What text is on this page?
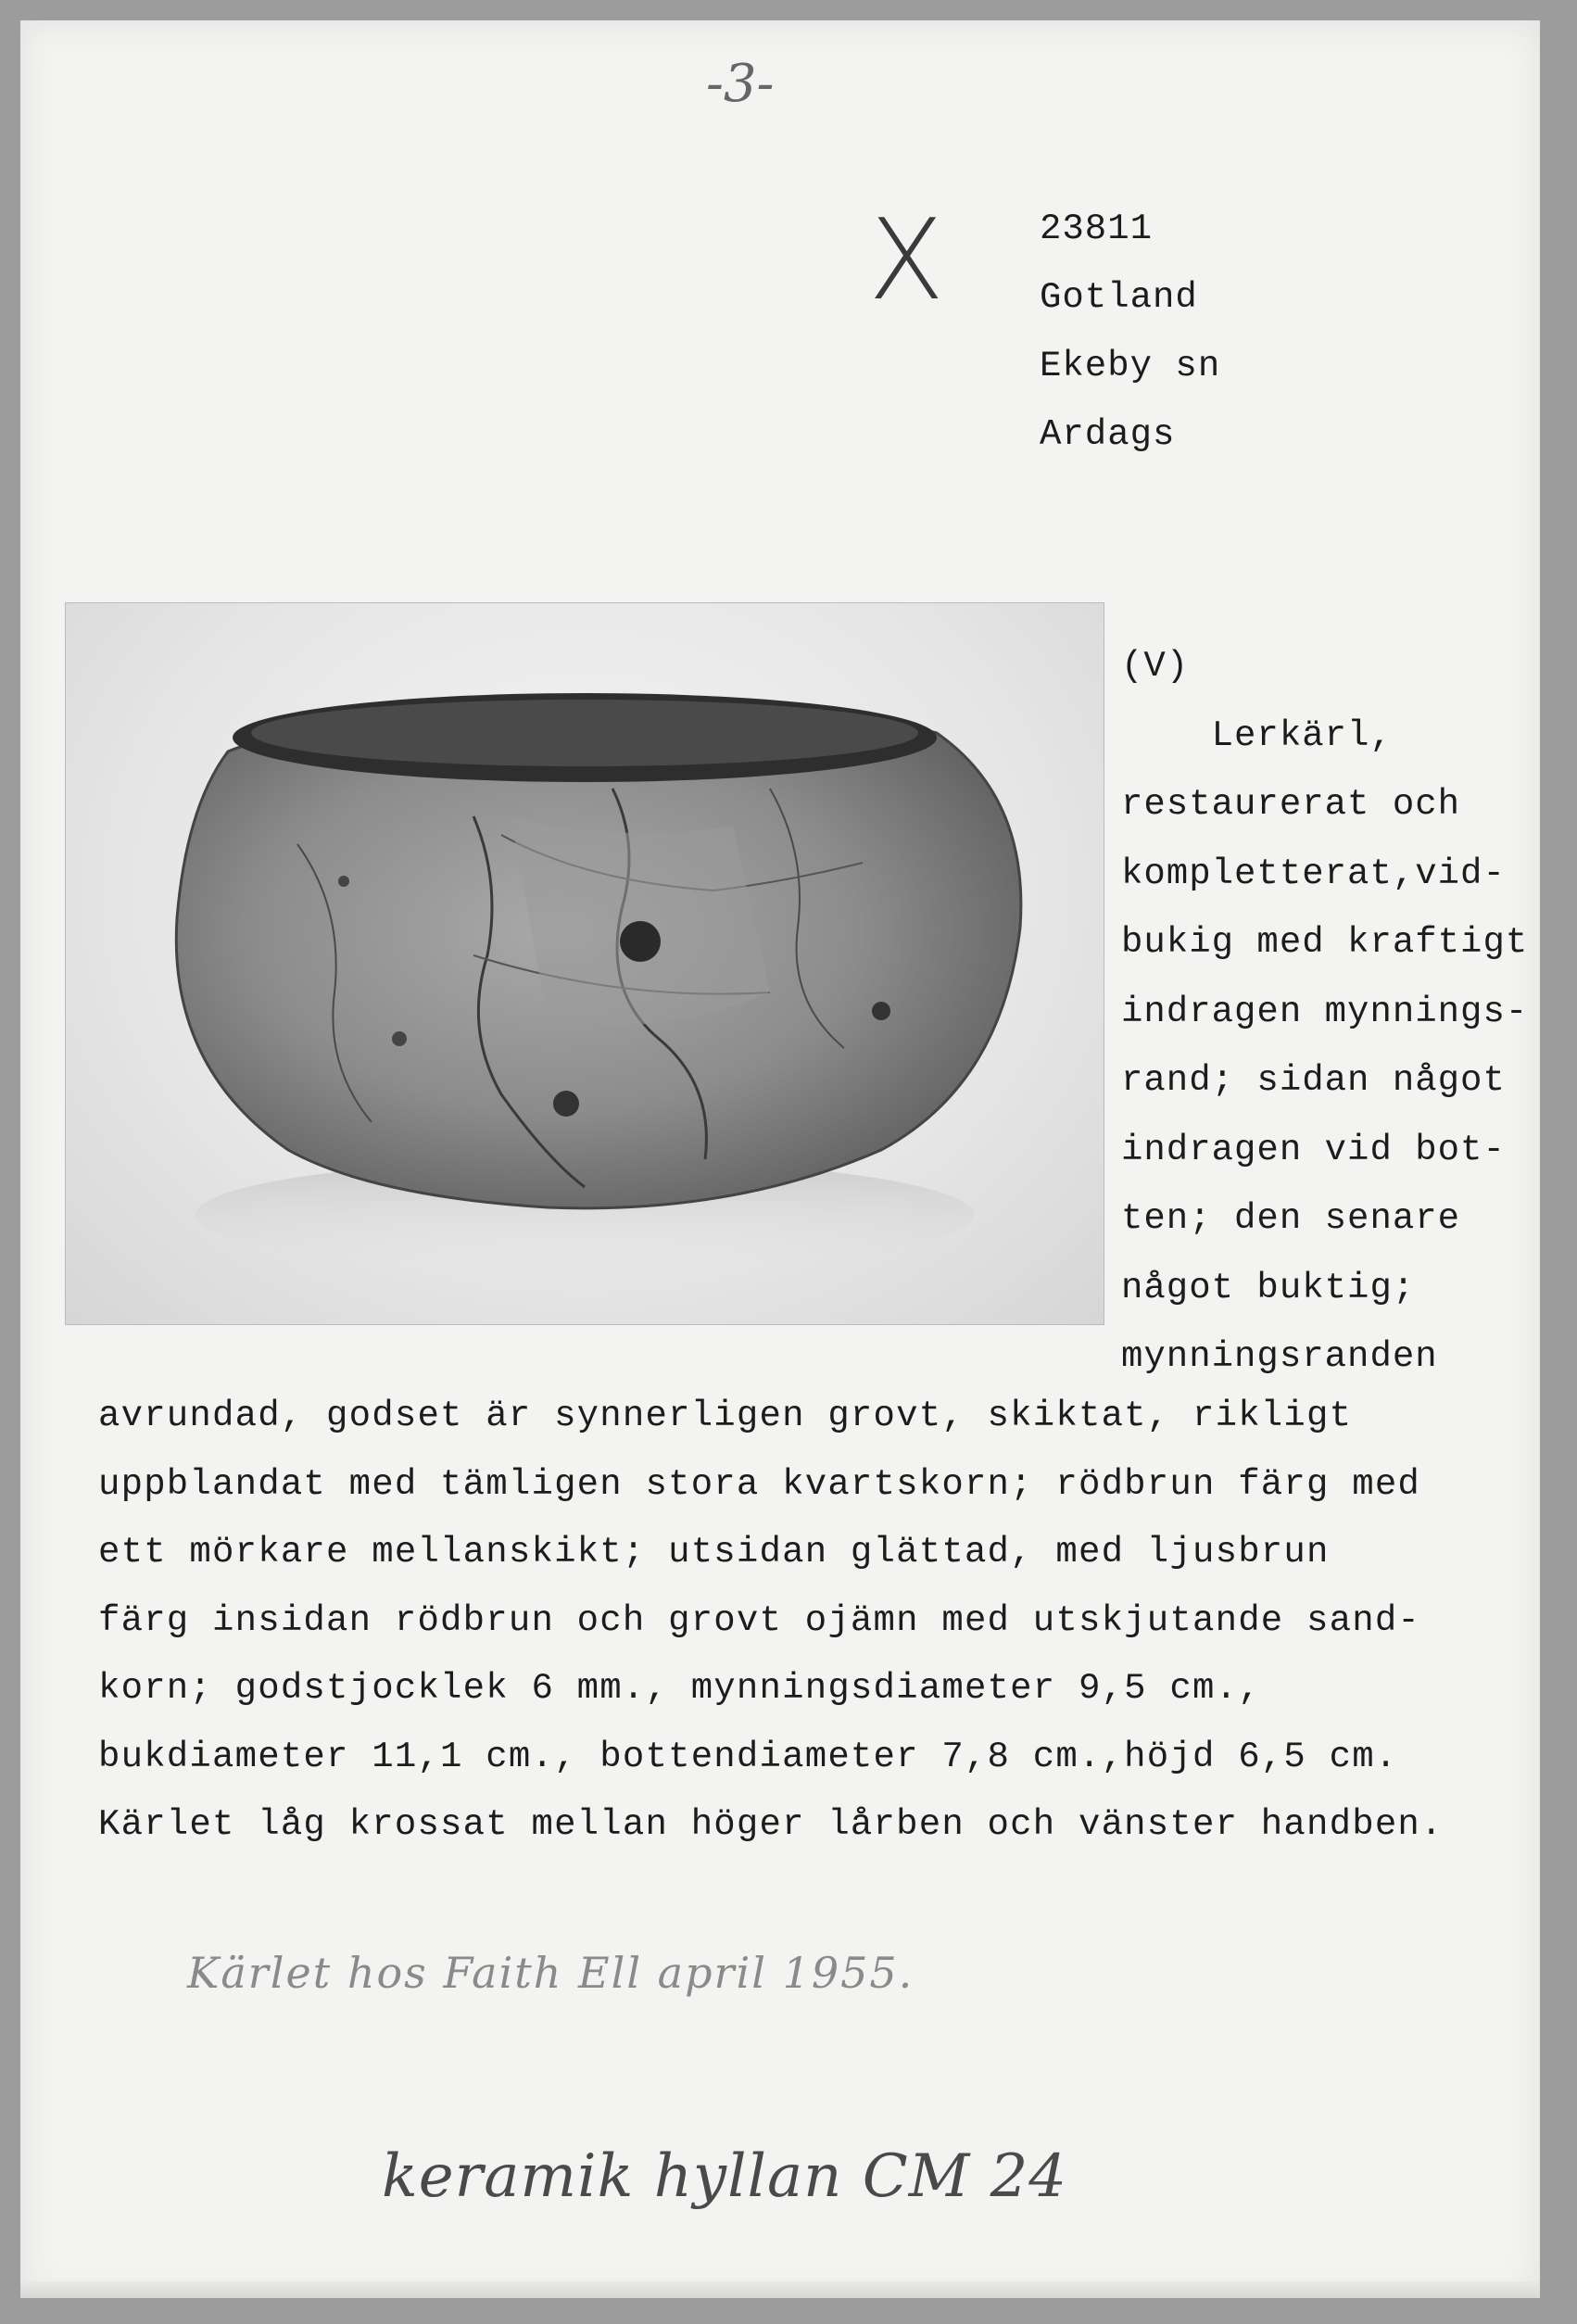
-3-
X	23811
Gotland
Ekeby sn
Ardags
(V)
Lerkärl,
restaurerat och
kompletterat,vid-
bukig med kraftigt
indragen mynnings-
rand; sidan något
indragen vid bot-
ten; den senare
något buktig;
mynningsranden
avrundad, godset är synnerligen grovt, skiktat, rikligt
uppblandat med tämligen stora kvartskorn; rödbrun färg med
ett mörkare mellanskikt; utsidan glättad, med ljusbrun
färg insidan rödbrun och grovt ojämn med utskjutande sand-
korn; godstjocklek 6 mm., mynningsdiameter 9,5 cm.,
bukdiameter 11,1 cm., bottendiameter 7,8 cm.,höjd 6,5 cm.
Kärlet låg krossat mellan höger lårben och vänster handben.
Kärlet hos Faith Ell april 1955.
keramik hyllan CM 24
